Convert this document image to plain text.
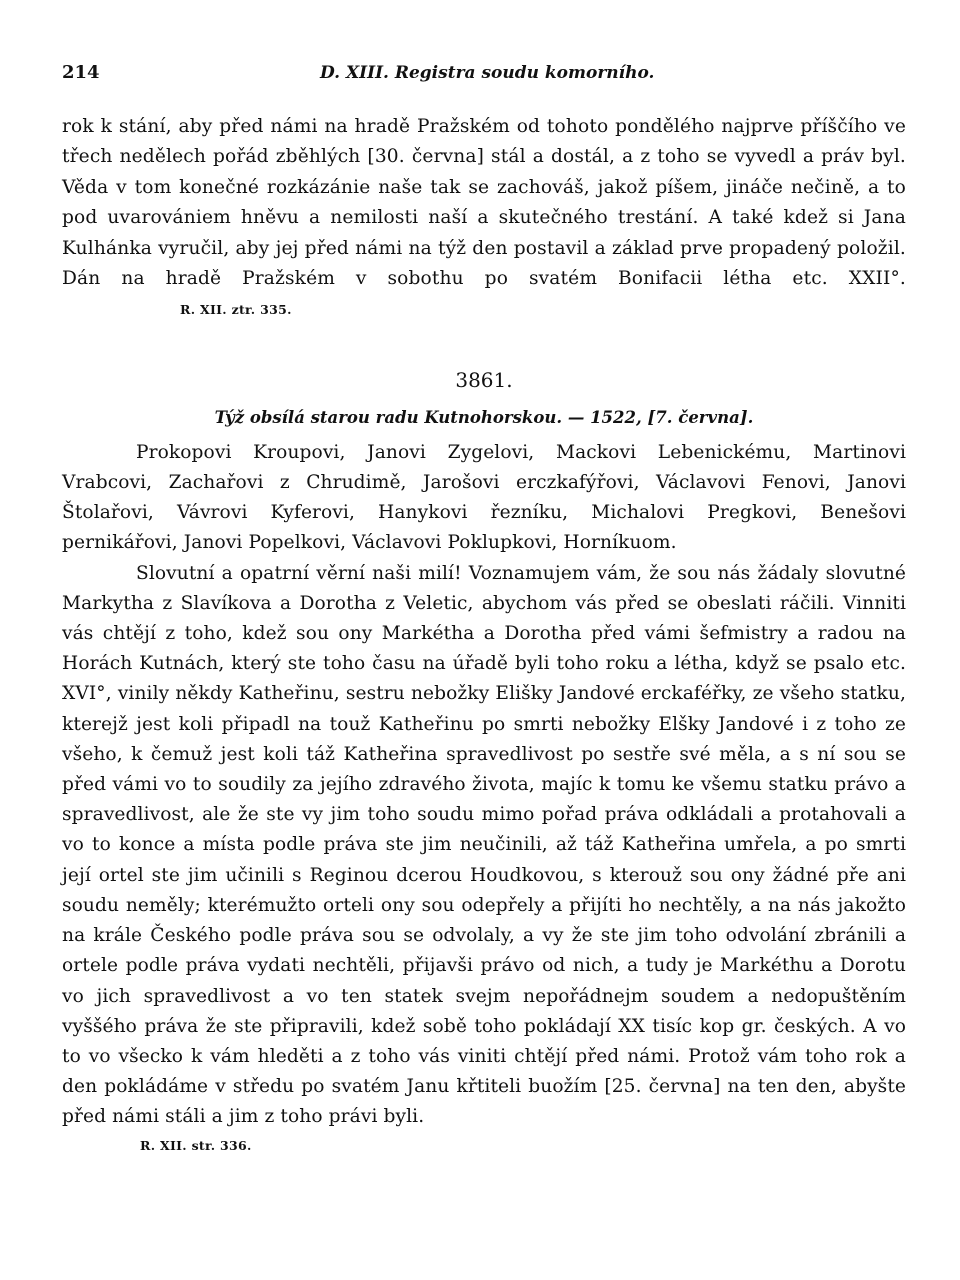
214	D. XIII. Registra soudu komorního.

rok k stání, aby před námi na hradě Pražském od tohoto pondělého najprve příščího ve třech nedělech pořád zběhlých [30. června] stál a dostál, a z toho se vyvedl a práv byl. Věda v tom konečné rozkázánie naše tak se zachováš, jakož píšem, jináče nečině, a to pod uvarovániem hněvu a nemilosti naší a skutečného trestání. A také kdež si Jana Kulhánka vyručil, aby jej před námi na týž den postavil a základ prve propadený položil. Dán na hradě Pražském v sobothu po svatém Bonifacii létha etc. XXII°.R. XII. ztr. 335.

3861.
Týž obsílá starou radu Kutnohorskou. — 1522, [7. června].

Prokopovi Kroupovi, Janovi Zygelovi, Mackovi Lebenickému, Martinovi Vrabcovi, Zachařovi z Chrudimě, Jarošovi erczkafýřovi, Václavovi Fenovi, Janovi Štolařovi, Vávrovi Kyferovi, Hanykovi řezníku, Michalovi Pregkovi, Benešovi pernikářovi, Janovi Popelkovi, Václavovi Poklupkovi, Horníkuom.

Slovutní a opatrní věrní naši milí! Voznamujem vám, že sou nás žádaly slovutné Markytha z Slavíkova a Dorotha z Veletic, abychom vás před se obeslati ráčili. Vinniti vás chtějí z toho, kdež sou ony Markétha a Dorotha před vámi šefmistry a radou na Horách Kutnách, který ste toho času na úřadě byli toho roku a létha, když se psalo etc. XVI°, vinily někdy Katheřinu, sestru nebožky Elišky Jandové erckaféřky, ze všeho statku, kterejž jest koli připadl na touž Katheřinu po smrti nebožky Elšky Jandové i z toho ze všeho, k čemuž jest koli táž Katheřina spravedlivost po sestře své měla, a s ní sou se před vámi vo to soudily za jejího zdravého života, majíc k tomu ke všemu statku právo a spravedlivost, ale že ste vy jim toho soudu mimo pořad práva odkládali a protahovali a vo to konce a místa podle práva ste jim neučinili, až táž Katheřina umřela, a po smrti její ortel ste jim učinili s Reginou dcerou Houdkovou, s kterouž sou ony žádné pře ani soudu neměly; kterémužto orteli ony sou odepřely a přijíti ho nechtěly, a na nás jakožto na krále Českého podle práva sou se odvolaly, a vy že ste jim toho odvolání zbránili a ortele podle práva vydati nechtěli, přijavši právo od nich, a tudy je Markéthu a Dorotu vo jich spravedlivost a vo ten statek svejm nepořádnejm soudem a nedopuštěním vyššého práva že ste připravili, kdež sobě toho pokládají XX tisíc kop gr. českých. A vo to vo všecko k vám hleděti a z toho vás viniti chtějí před námi. Protož vám toho rok a den pokládáme v středu po svatém Janu křtiteli buožím [25. června] na ten den, abyšte před námi stáli a jim z toho právi byli.

R. XII. str. 336.
